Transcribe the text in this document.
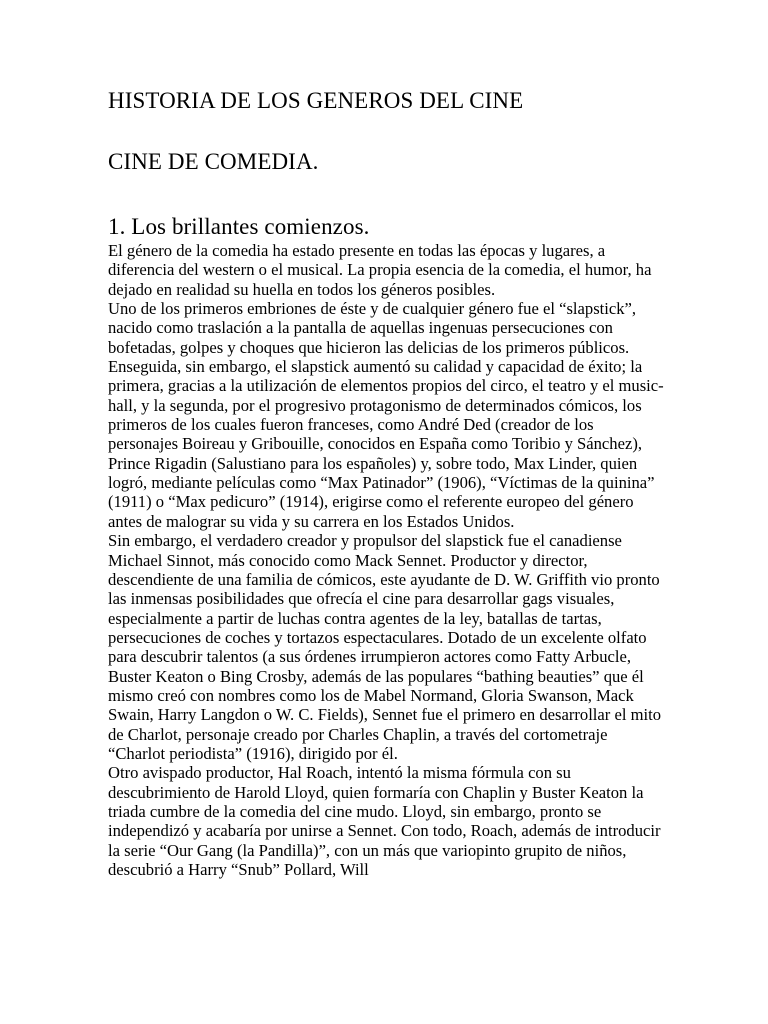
HISTORIA DE LOS GENEROS DEL CINE
CINE DE COMEDIA.
1. Los brillantes comienzos.

El género de la comedia ha estado presente en todas las épocas y lugares, a diferencia del western o el musical. La propia esencia de la comedia, el humor, ha dejado en realidad su huella en todos los géneros posibles.

Uno de los primeros embriones de éste y de cualquier género fue el “slapstick”, nacido como traslación a la pantalla de aquellas ingenuas persecuciones con bofetadas, golpes y choques que hicieron las delicias de los primeros públicos. Enseguida, sin embargo, el slapstick aumentó su calidad y capacidad de éxito; la primera, gracias a la utilización de elementos propios del circo, el teatro y el music-hall, y la segunda, por el progresivo protagonismo de determinados cómicos, los primeros de los cuales fueron franceses, como André Ded (creador de los personajes Boireau y Gribouille, conocidos en España como Toribio y Sánchez), Prince Rigadin (Salustiano para los españoles) y, sobre todo, Max Linder, quien logró, mediante películas como “Max Patinador” (1906), “Víctimas de la quinina” (1911) o “Max pedicuro” (1914), erigirse como el referente europeo del género antes de malograr su vida y su carrera en los Estados Unidos.

Sin embargo, el verdadero creador y propulsor del slapstick fue el canadiense Michael Sinnot, más conocido como Mack Sennet. Productor y director, descendiente de una familia de cómicos, este ayudante de D. W. Griffith vio pronto las inmensas posibilidades que ofrecía el cine para desarrollar gags visuales, especialmente a partir de luchas contra agentes de la ley, batallas de tartas, persecuciones de coches y tortazos espectaculares. Dotado de un excelente olfato para descubrir talentos (a sus órdenes irrumpieron actores como Fatty Arbucle, Buster Keaton o Bing Crosby, además de las populares “bathing beauties” que él mismo creó con nombres como los de Mabel Normand, Gloria Swanson, Mack Swain, Harry Langdon o W. C. Fields), Sennet fue el primero en desarrollar el mito de Charlot, personaje creado por Charles Chaplin, a través del cortometraje “Charlot periodista” (1916), dirigido por él.

Otro avispado productor, Hal Roach, intentó la misma fórmula con su descubrimiento de Harold Lloyd, quien formaría con Chaplin y Buster Keaton la triada cumbre de la comedia del cine mudo. Lloyd, sin embargo, pronto se independizó y acabaría por unirse a Sennet. Con todo, Roach, además de introducir la serie “Our Gang (la Pandilla)”, con un más que variopinto grupito de niños, descubrió a Harry “Snub” Pollard, Will
